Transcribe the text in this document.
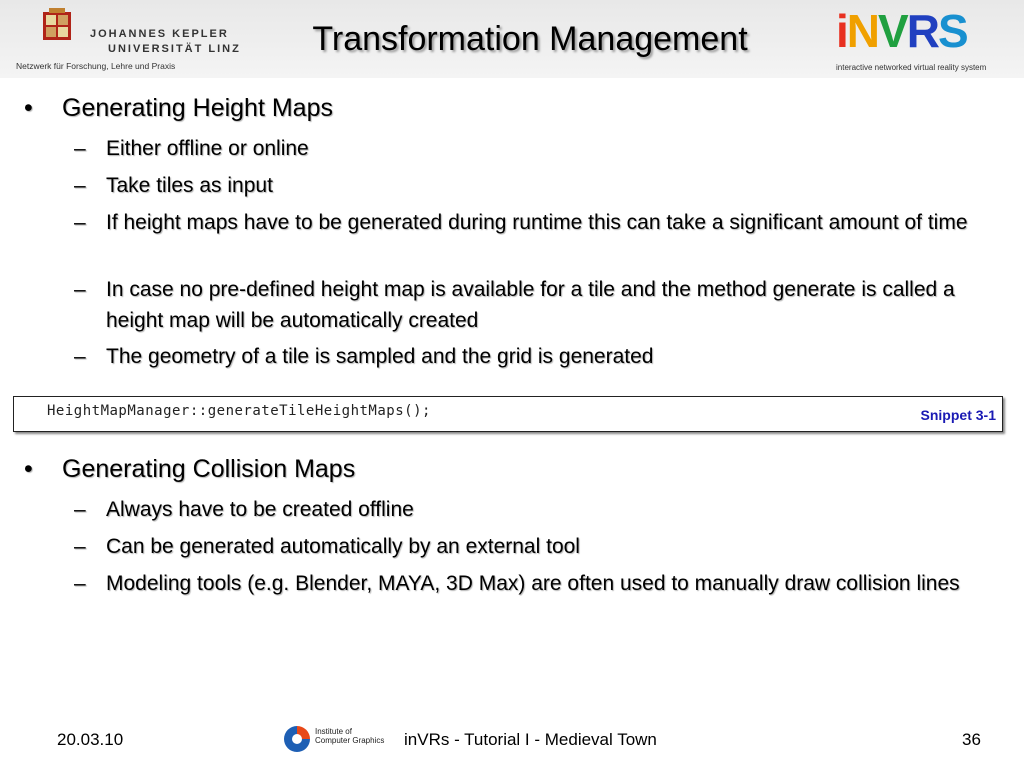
JOHANNES KEPLER
UNIVERSITÄT LINZ
Netzwerk für Forschung, Lehre und Praxis
Transformation Management	iNVRS
interactive networked virtual reality system
• Generating Height Maps
– Either offline or online
– Take tiles as input
– If height maps have to be generated during runtime this can take a significant amount of time
– In case no pre-defined height map is available for a tile and the method generate is called a height map will be automatically created
– The geometry of a tile is sampled and the grid is generated
HeightMapManager::generateTileHeightMaps();	Snippet 3-1
• Generating Collision Maps
– Always have to be created offline
– Can be generated automatically by an external tool
– Modeling tools (e.g. Blender, MAYA, 3D Max) are often used to manually draw collision lines
20.03.10	Institute of
Computer Graphics inVRs - Tutorial I - Medieval Town	36
